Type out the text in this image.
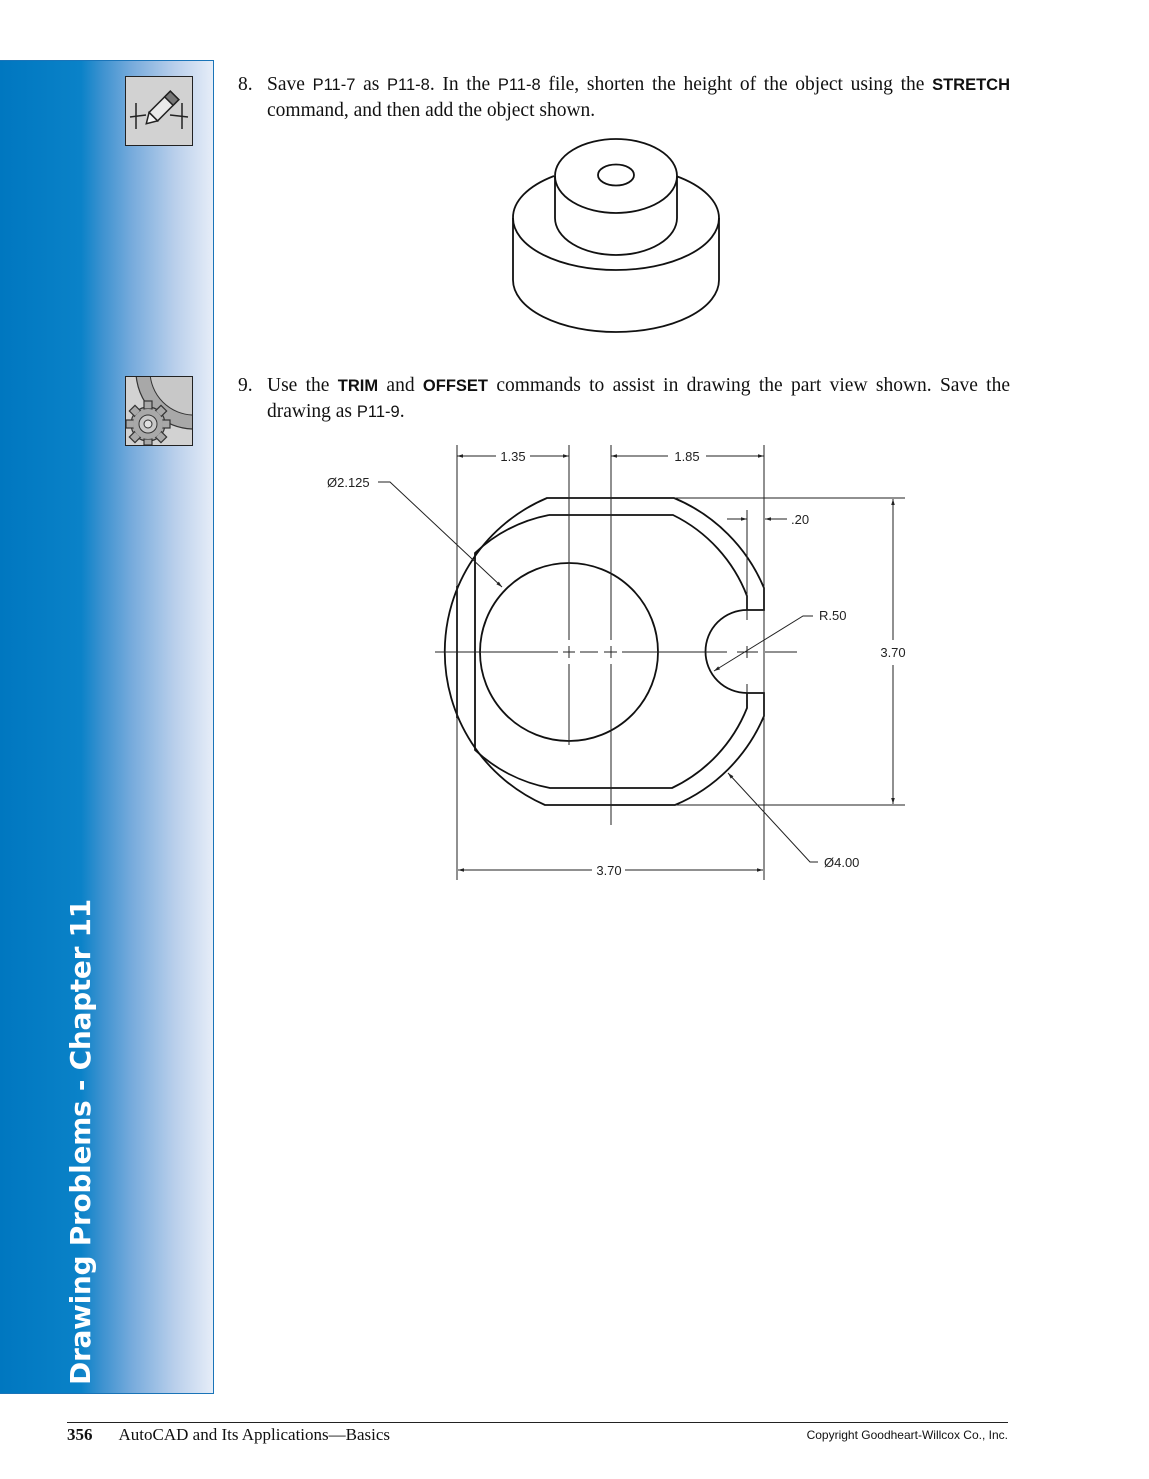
Drawing Problems - Chapter 11
8. Save P11-7 as P11-8. In the P11-8 file, shorten the height of the object using the STRETCH command, and then add the object shown.
9. Use the TRIM and OFFSET commands to assist in drawing the part view shown. Save the drawing as P11-9.
1.35	1.85
.20
R.50
3.70
3.70
Ø2.125
Ø4.00
356 AutoCAD and Its Applications—Basics	Copyright Goodheart-Willcox Co., Inc.
